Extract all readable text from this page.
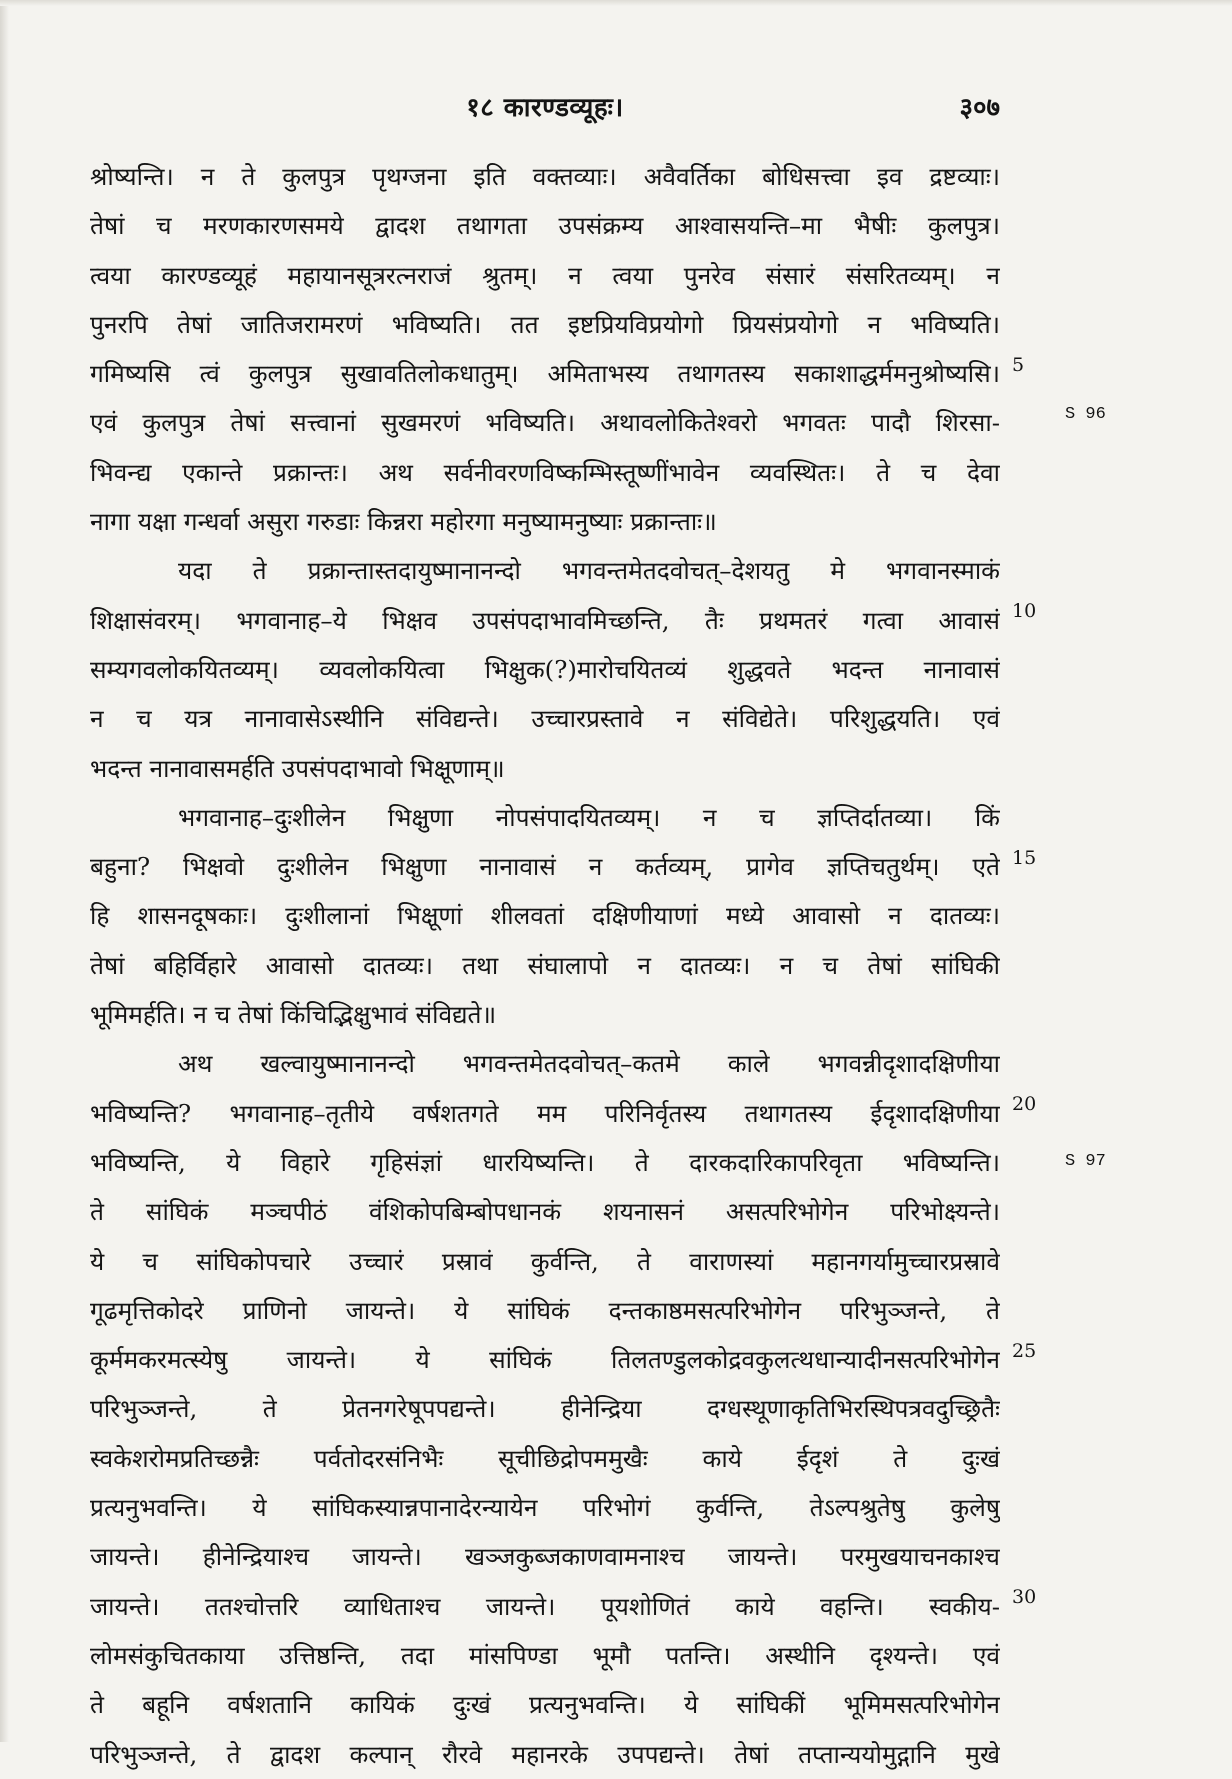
१८ कारण्डव्यूहः।	३०७
श्रोष्यन्ति। न ते कुलपुत्र पृथग्जना इति वक्तव्याः। अवैवर्तिका बोधिसत्त्वा इव द्रष्टव्याः।
तेषां च मरणकारणसमये द्वादश तथागता उपसंक्रम्य आश्वासयन्ति–मा भैषीः कुलपुत्र।
त्वया कारण्डव्यूहं महायानसूत्ररत्नराजं श्रुतम्। न त्वया पुनरेव संसारं संसरितव्यम्। न
पुनरपि तेषां जातिजरामरणं भविष्यति। तत इष्टप्रियविप्रयोगो प्रियसंप्रयोगो न भविष्यति।
गमिष्यसि त्वं कुलपुत्र सुखावतिलोकधातुम्। अमिताभस्य तथागतस्य सकाशाद्धर्ममनुश्रोष्यसि।
एवं कुलपुत्र तेषां सत्त्वानां सुखमरणं भविष्यति। अथावलोकितेश्वरो भगवतः पादौ शिरसा-
भिवन्द्य एकान्ते प्रक्रान्तः। अथ सर्वनीवरणविष्कम्भिस्तूष्णींभावेन व्यवस्थितः। ते च देवा
नागा यक्षा गन्धर्वा असुरा गरुडाः किन्नरा महोरगा मनुष्यामनुष्याः प्रक्रान्ताः॥
यदा ते प्रक्रान्तास्तदायुष्मानानन्दो भगवन्तमेतदवोचत्–देशयतु मे भगवानस्माकं
शिक्षासंवरम्। भगवानाह–ये भिक्षव उपसंपदाभावमिच्छन्ति, तैः प्रथमतरं गत्वा आवासं
सम्यगवलोकयितव्यम्। व्यवलोकयित्वा भिक्षुक(?)मारोचयितव्यं शुद्धवते भदन्त नानावासं
न च यत्र नानावासेऽस्थीनि संविद्यन्ते। उच्चारप्रस्तावे न संविद्येते। परिशुद्धयति। एवं
भदन्त नानावासमर्हति उपसंपदाभावो भिक्षूणाम्॥
भगवानाह–दुःशीलेन भिक्षुणा नोपसंपादयितव्यम्। न च ज्ञप्तिर्दातव्या। किं
बहुना? भिक्षवो दुःशीलेन भिक्षुणा नानावासं न कर्तव्यम्, प्रागेव ज्ञप्तिचतुर्थम्। एते
हि शासनदूषकाः। दुःशीलानां भिक्षूणां शीलवतां दक्षिणीयाणां मध्ये आवासो न दातव्यः।
तेषां बहिर्विहारे आवासो दातव्यः। तथा संघालापो न दातव्यः। न च तेषां सांघिकी
भूमिमर्हति। न च तेषां किंचिद्भिक्षुभावं संविद्यते॥
अथ खल्वायुष्मानानन्दो भगवन्तमेतदवोचत्–कतमे काले भगवन्नीदृशादक्षिणीया
भविष्यन्ति? भगवानाह–तृतीये वर्षशतगते मम परिनिर्वृतस्य तथागतस्य ईदृशादक्षिणीया
भविष्यन्ति, ये विहारे गृहिसंज्ञां धारयिष्यन्ति। ते दारकदारिकापरिवृता भविष्यन्ति।
ते सांघिकं मञ्चपीठं वंशिकोपबिम्बोपधानकं शयनासनं असत्परिभोगेन परिभोक्ष्यन्ते।
ये च सांघिकोपचारे उच्चारं प्रस्रावं कुर्वन्ति, ते वाराणस्यां महानगर्यामुच्चारप्रस्रावे
गूढमृत्तिकोदरे प्राणिनो जायन्ते। ये सांघिकं दन्तकाष्ठमसत्परिभोगेन परिभुञ्जन्ते, ते
कूर्ममकरमत्स्येषु जायन्ते। ये सांघिकं तिलतण्डुलकोद्रवकुलत्थधान्यादीनसत्परिभोगेन
परिभुञ्जन्ते, ते प्रेतनगरेषूपपद्यन्ते। हीनेन्द्रिया दग्धस्थूणाकृतिभिरस्थिपत्रवदुच्छ्रितैः
स्वकेशरोमप्रतिच्छन्नैः पर्वतोदरसंनिभैः सूचीछिद्रोपममुखैः काये ईदृशं ते दुःखं
प्रत्यनुभवन्ति। ये सांघिकस्यान्नपानादेरन्यायेन परिभोगं कुर्वन्ति, तेऽल्पश्रुतेषु कुलेषु
जायन्ते। हीनेन्द्रियाश्च जायन्ते। खञ्जकुब्जकाणवामनाश्च जायन्ते। परमुखयाचनकाश्च
जायन्ते। ततश्चोत्तरि व्याधिताश्च जायन्ते। पूयशोणितं काये वहन्ति। स्वकीय-
लोमसंकुचितकाया उत्तिष्ठन्ति, तदा मांसपिण्डा भूमौ पतन्ति। अस्थीनि दृश्यन्ते। एवं
ते बहूनि वर्षशतानि कायिकं दुःखं प्रत्यनुभवन्ति। ये सांघिकीं भूमिमसत्परिभोगेन
परिभुञ्जन्ते, ते द्वादश कल्पान् रौरवे महानरके उपपद्यन्ते। तेषां तप्तान्ययोमुद्गानि मुखे
5
10
15
20
25
30
S 96
S 97
